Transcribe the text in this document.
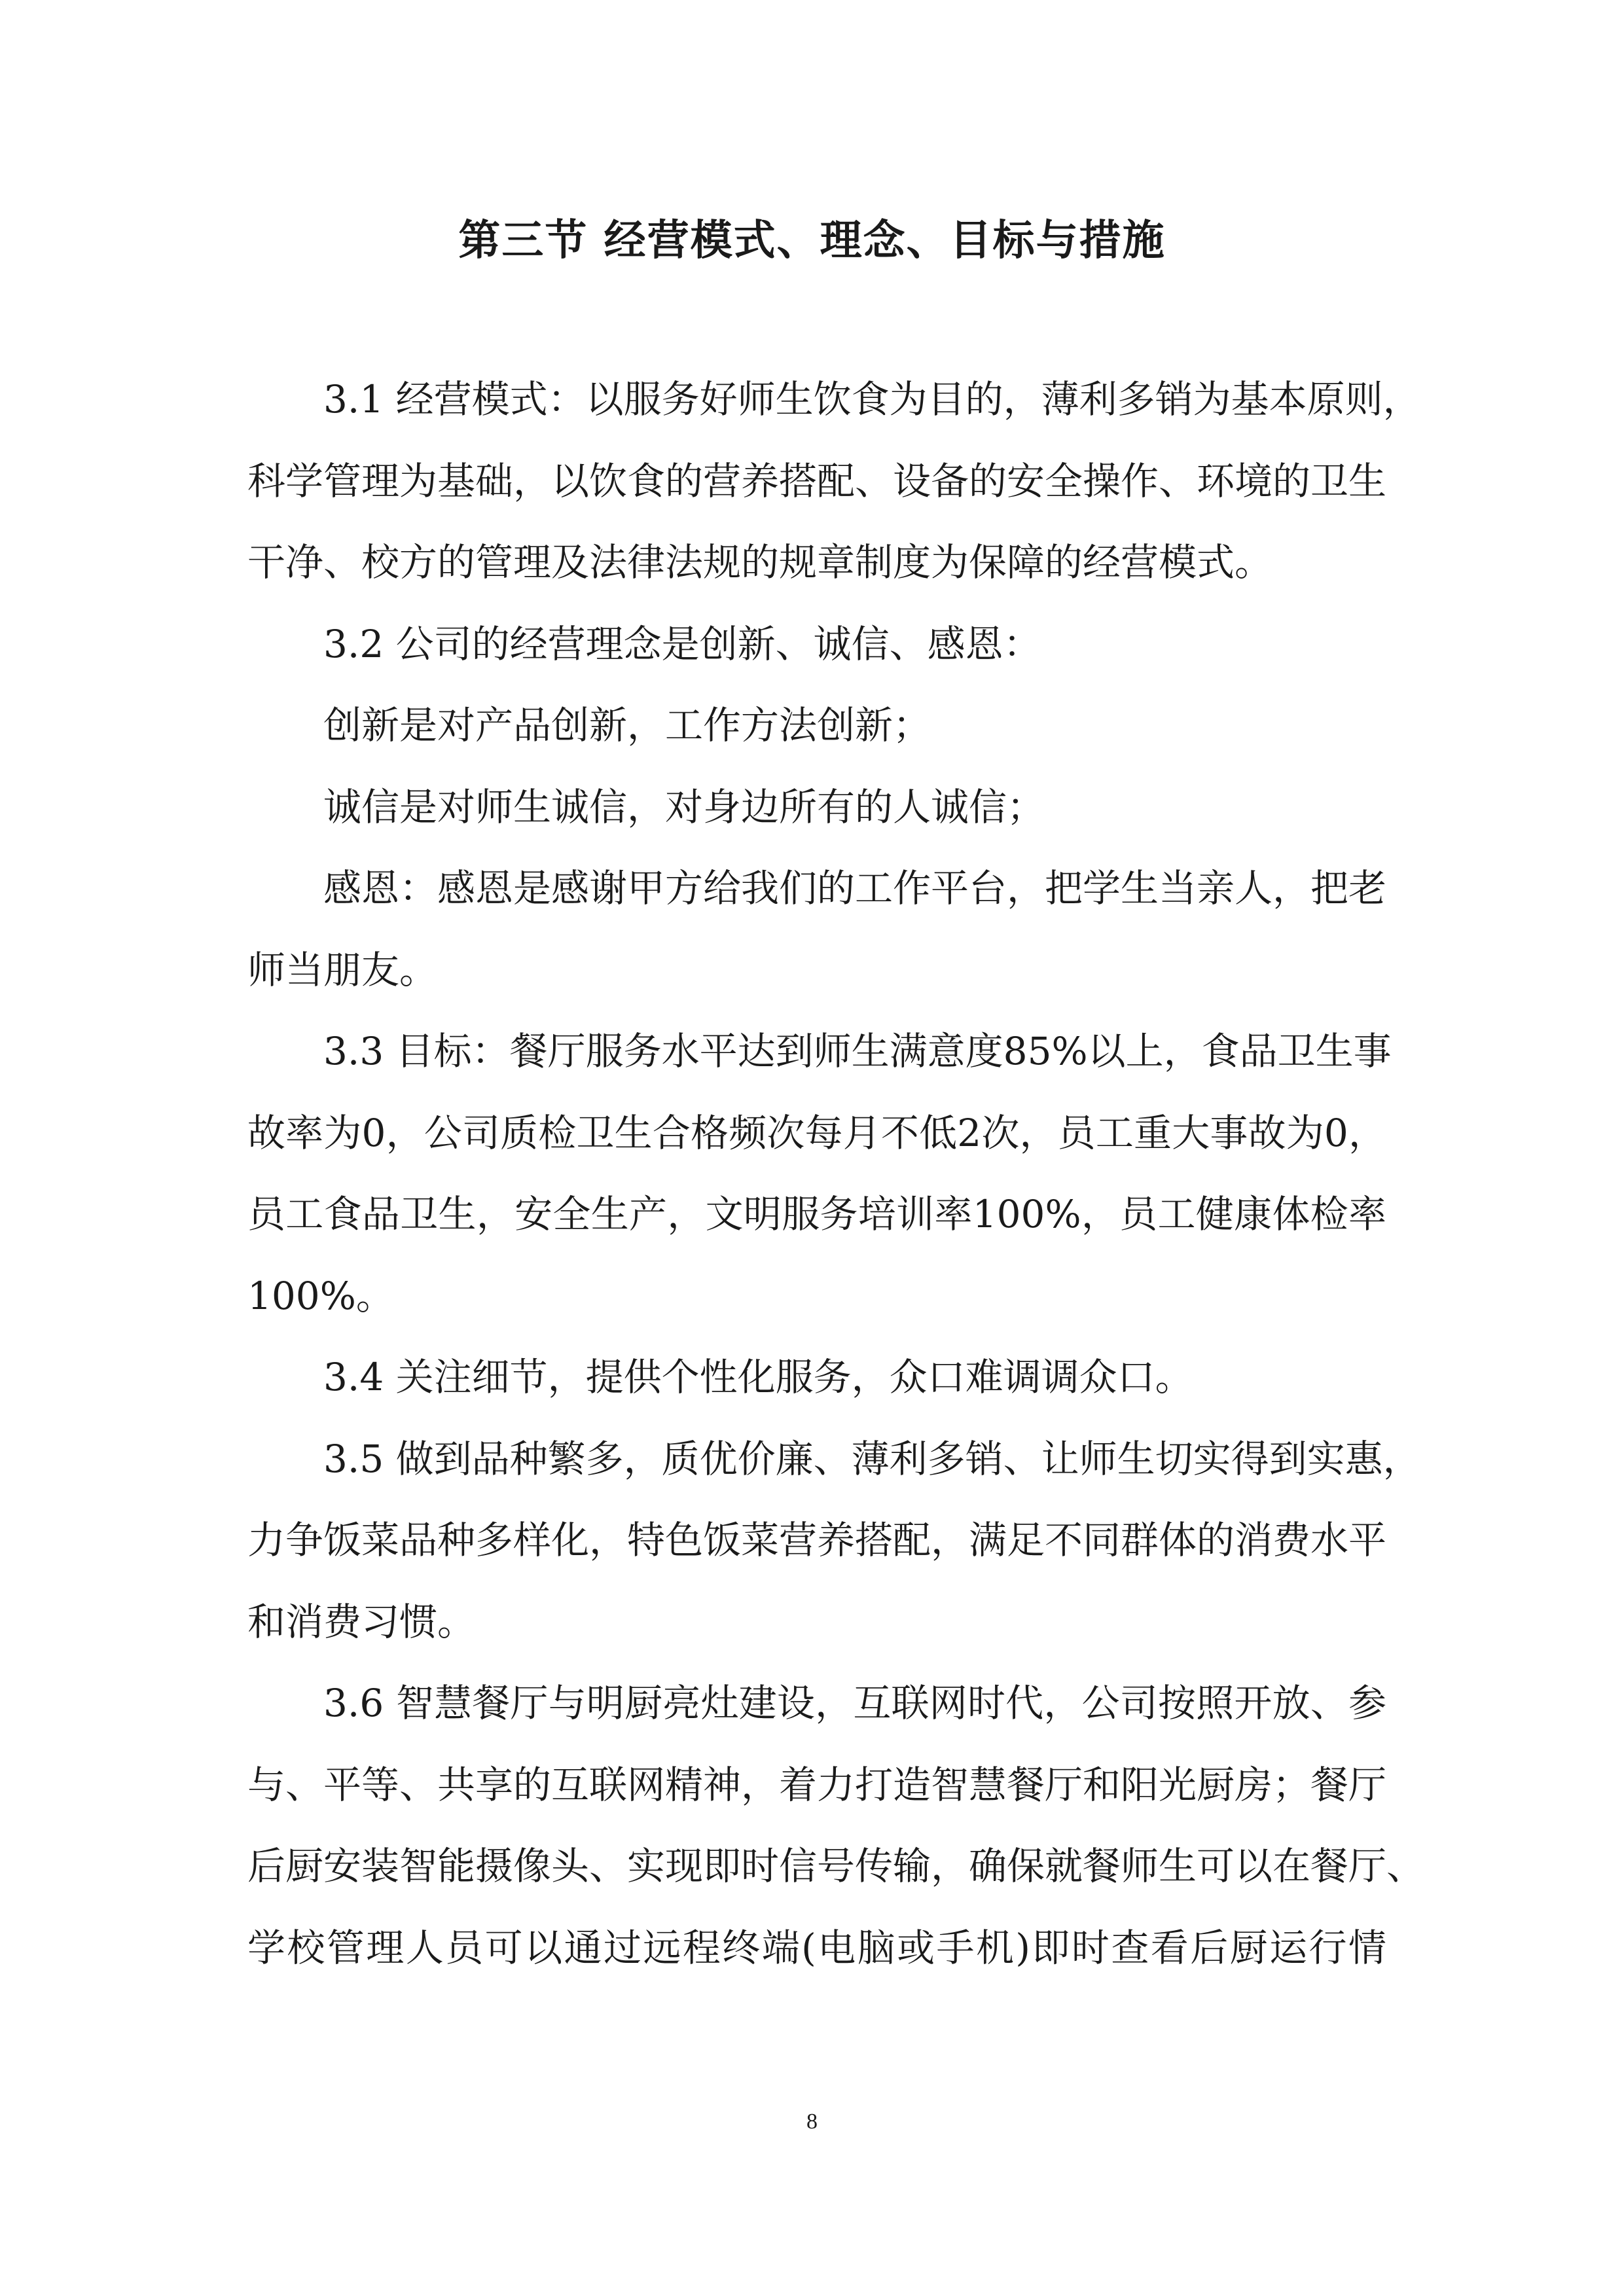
第三节 经营模式、理念、目标与措施

3.1 经营模式：以服务好师生饮食为目的，薄利多销为基本原则，
科学管理为基础，以饮食的营养搭配、设备的安全操作、环境的卫生
干净、校方的管理及法律法规的规章制度为保障的经营模式。

3.2 公司的经营理念是创新、诚信、感恩：

创新是对产品创新，工作方法创新；

诚信是对师生诚信，对身边所有的人诚信；

感恩：感恩是感谢甲方给我们的工作平台，把学生当亲人，把老
师当朋友。

3.3 目标：餐厅服务水平达到师生满意度85%以上，食品卫生事
故率为0，公司质检卫生合格频次每月不低2次，员工重大事故为0，
员工食品卫生，安全生产，文明服务培训率100%，员工健康体检率
100%。

3.4 关注细节，提供个性化服务，众口难调调众口。

3.5 做到品种繁多，质优价廉、薄利多销、让师生切实得到实惠，
力争饭菜品种多样化，特色饭菜营养搭配，满足不同群体的消费水平
和消费习惯。

3.6 智慧餐厅与明厨亮灶建设，互联网时代，公司按照开放、参
与、平等、共享的互联网精神，着力打造智慧餐厅和阳光厨房；餐厅
后厨安装智能摄像头、实现即时信号传输，确保就餐师生可以在餐厅、
学校管理人员可以通过远程终端(电脑或手机)即时查看后厨运行情

8
